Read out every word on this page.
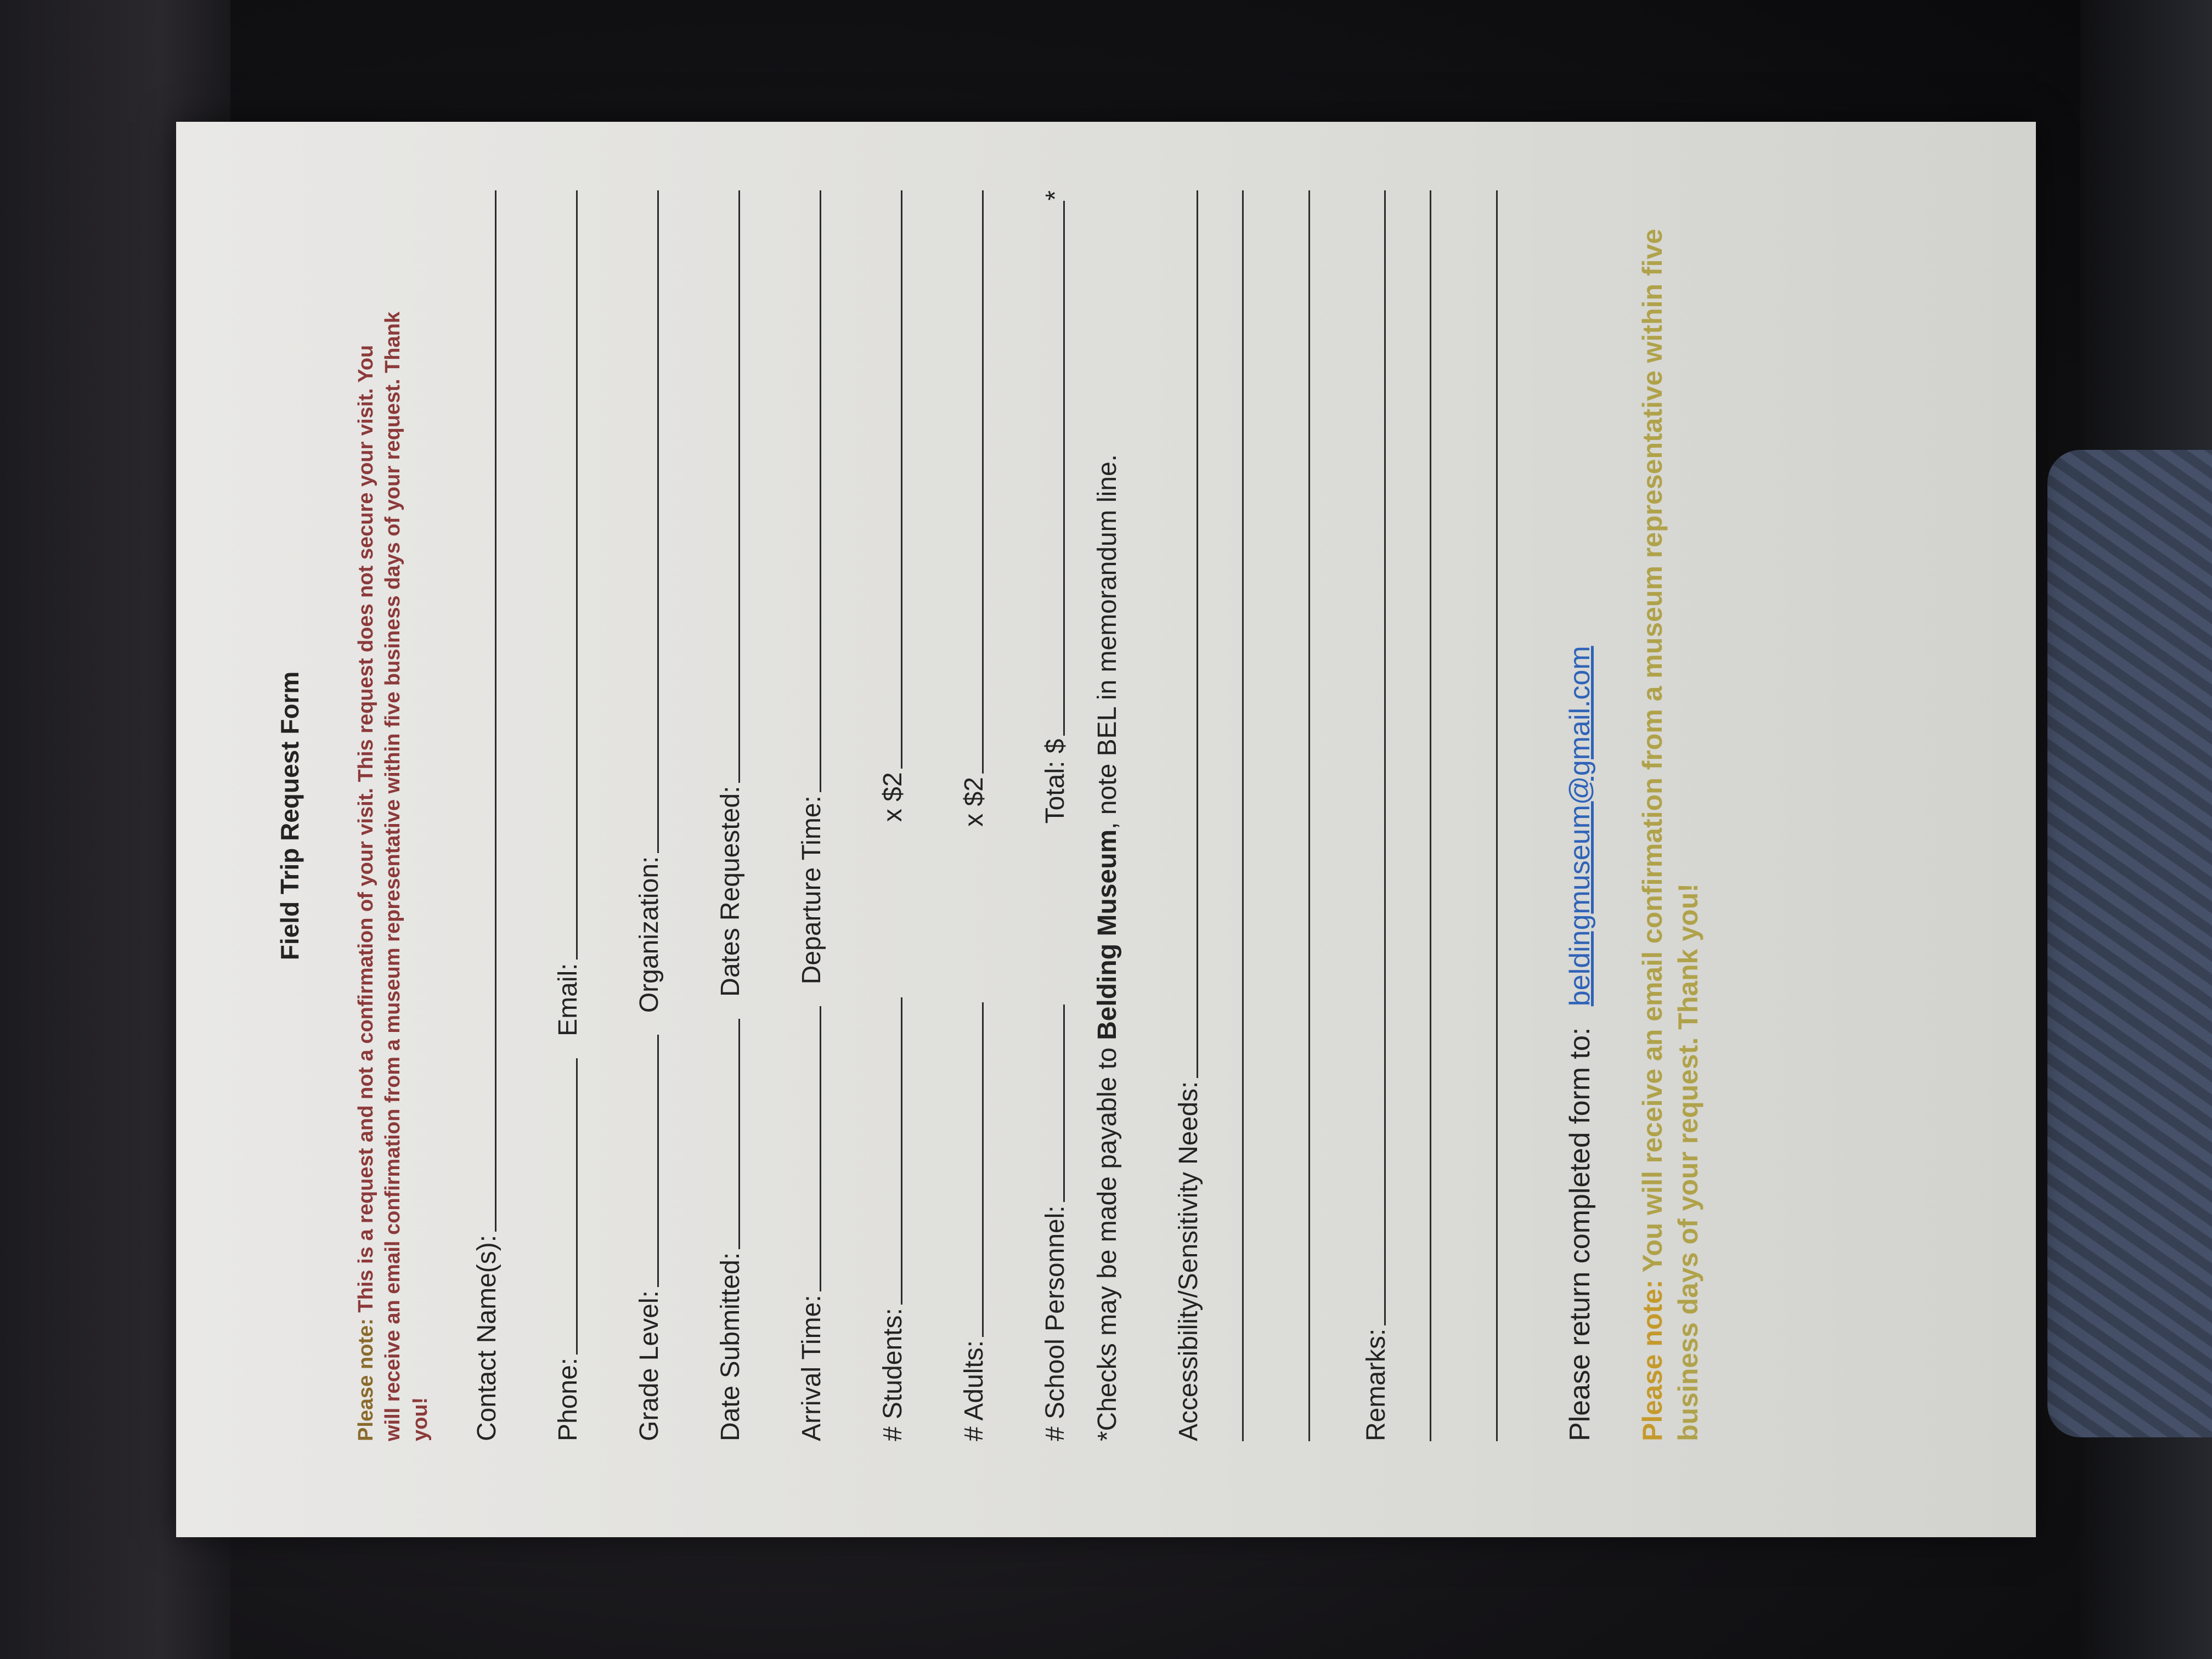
Field Trip Request Form
Please note: This is a request and not a confirmation of your visit. This request does not secure your visit. You will receive an email confirmation from a museum representative within five business days of your request. Thank you! Contact Name(s): Phone:
Email:
Grade Level:
Organization:
Date Submitted:
Dates Requested:
Arrival Time:
Departure Time:
# Students:
x $2
# Adults:
x $2
# School Personnel:
Total: $
*
*Checks may be made payable to Belding Museum, note BEL in memorandum line.
Accessibility/Sensitivity Needs:	Remarks:	Please return completed form to: beldingmuseum@gmail.com
Please note: You will receive an email confirmation from a museum representative within five business days of your request. Thank you!
